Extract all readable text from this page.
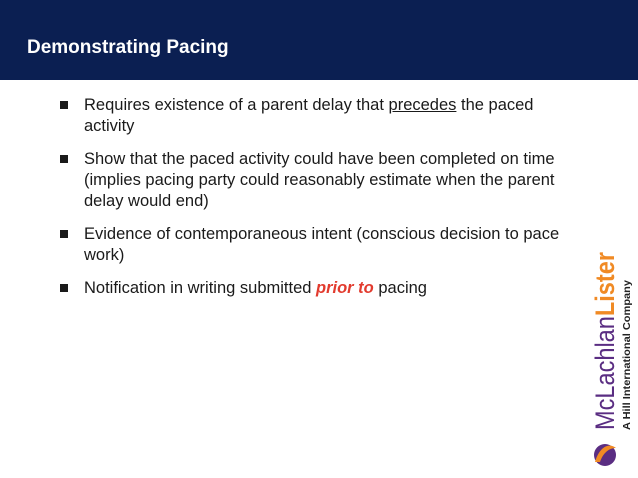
Demonstrating Pacing
Requires existence of a parent delay that precedes the paced activity
Show that the paced activity could have been completed on time (implies pacing party could reasonably estimate when the parent delay would end)
Evidence of contemporaneous intent (conscious decision to pace work)
Notification in writing submitted prior to pacing
McLachlanLister
A Hill International Company
